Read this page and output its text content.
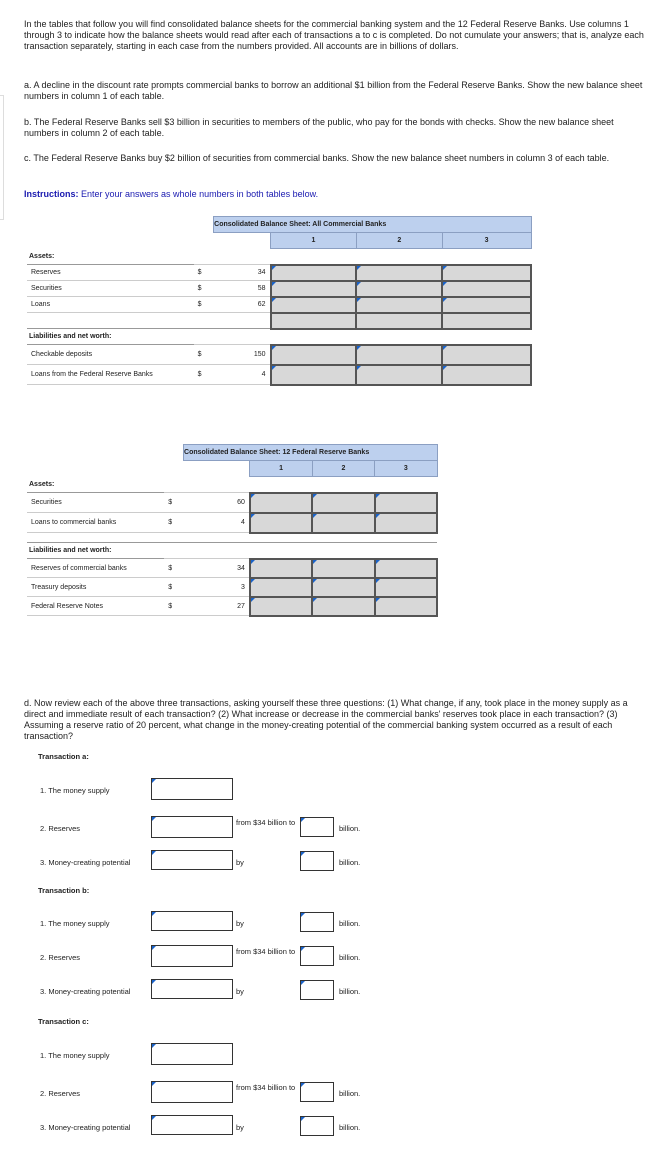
In the tables that follow you will find consolidated balance sheets for the commercial banking system and the 12 Federal Reserve Banks. Use columns 1 through 3 to indicate how the balance sheets would read after each of transactions a to c is completed. Do not cumulate your answers; that is, analyze each transaction separately, starting in each case from the numbers provided. All accounts are in billions of dollars.

a. A decline in the discount rate prompts commercial banks to borrow an additional $1 billion from the Federal Reserve Banks. Show the new balance sheet numbers in column 1 of each table.

b. The Federal Reserve Banks sell $3 billion in securities to members of the public, who pay for the bonds with checks. Show the new balance sheet numbers in column 2 of each table.

c. The Federal Reserve Banks buy $2 billion of securities from commercial banks. Show the new balance sheet numbers in column 3 of each table.

Instructions: Enter your answers as whole numbers in both tables below.

		Consolidated Balance Sheet: All Commercial Banks			
			1	2	3
Assets:					
Reserves	$	34	

Securities	$	58	

Loans	$	62	

Liabilities and net worth:					
Checkable deposits	$	150	

Loans from the Federal Reserve Banks	$	4	

		Consolidated Balance Sheet: 12 Federal Reserve Banks			
			1	2	3
Assets:					
Securities	$	60	

Loans to commercial banks	$	4	

Liabilities and net worth:					
Reserves of commercial banks	$	34	

Treasury deposits	$	3	

Federal Reserve Notes	$	27	

d. Now review each of the above three transactions, asking yourself these three questions: (1) What change, if any, took place in the money supply as a direct and immediate result of each transaction? (2) What increase or decrease in the commercial banks' reserves took place in each transaction? (3) Assuming a reserve ratio of 20 percent, what change in the money-creating potential of the commercial banking system occurred as a result of each transaction?

Transaction a:
1. The money supply
2. Reserves
from $34 billion to
billion.
3. Money-creating potential	by	billion.
Transaction b:
1. The money supply	by	billion.
2. Reserves
from $34 billion to
billion.
3. Money-creating potential	by	billion.
Transaction c:
1. The money supply
2. Reserves
from $34 billion to
billion.
3. Money-creating potential	by	billion.
